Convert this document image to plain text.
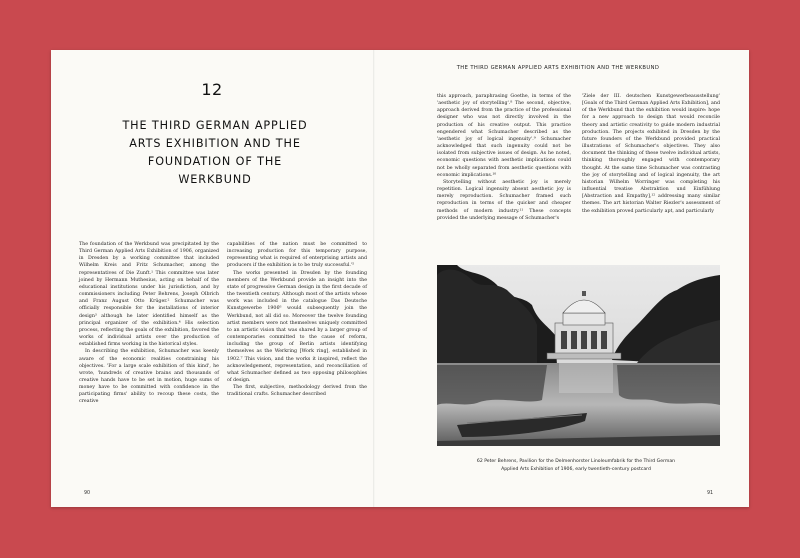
12
THE THIRD GERMAN APPLIED ARTS EXHIBITION AND THE FOUNDATION OF THE WERKBUND

The foundation of the Werkbund was precipitated by the Third German Applied Arts Exhibition of 1906, organized in Dresden by a working committee that included Wilhelm Kreis and Fritz Schumacher, among the representatives of Die Zunft.¹ This committee was later joined by Hermann Muthesius, acting on behalf of the educational institutions under his jurisdiction, and by commissioners including Peter Behrens, Joseph Olbrich and Franz August Otto Krüger.² Schumacher was officially responsible for the installations of interior design³ although he later identified himself as the principal organizer of the exhibition.⁴ His selection process, reflecting the goals of the exhibition, favored the works of individual artists over the production of established firms working in the historical styles.

In describing the exhibition, Schumacher was keenly aware of the economic realities constraining his objectives. 'For a large scale exhibition of this kind', he wrote, 'hundreds of creative brains and thousands of creative hands have to be set in motion, huge sums of money have to be committed with confidence in the participating firms' ability to recoup these costs, the creative

capabilities of the nation must be committed to increasing production for this temporary purpose, representing what is required of enterprising artists and producers if the exhibition is to be truly successful.'⁵

The works presented in Dresden by the founding members of the Werkbund provide an insight into the state of progressive German design in the first decade of the twentieth century. Although most of the artists whose work was included in the catalogue Das Deutsche Kunstgewerbe 1906⁶ would subsequently join the Werkbund, not all did so. Moreover the twelve founding artist members were not themselves uniquely committed to an artistic vision that was shared by a larger group of contemporaries committed to the cause of reform, including the group of Berlin artists identifying themselves as the Werkring [Work ring], established in 1902.⁷ This vision, and the works it inspired, reflect the acknowledgement, representation, and reconciliation of what Schumacher defined as two opposing philosophies of design.

The first, subjective, methodology derived from the traditional crafts. Schumacher described

90
THE THIRD GERMAN APPLIED ARTS EXHIBITION AND THE WERKBUND

this approach, paraphrasing Goethe, in terms of the 'aesthetic joy of storytelling'.⁸ The second, objective, approach derived from the practice of the professional designer who was not directly involved in the production of his creative output. This practice engendered what Schumacher described as the 'aesthetic joy of logical ingenuity'.⁹ Schumacher acknowledged that such ingenuity could not be isolated from subjective issues of design. As he noted, economic questions with aesthetic implications could not be wholly separated from aesthetic questions with economic implications.¹⁰

Storytelling without aesthetic joy is merely repetition. Logical ingenuity absent aesthetic joy is merely reproduction. Schumacher framed such reproduction in terms of the quicker and cheaper methods of modern industry.¹¹ These concepts provided the underlying message of Schumacher's

'Ziele der III. deutschen Kunstgewerbeausstellung' [Goals of the Third German Applied Arts Exhibition], and of the Werkbund that the exhibition would inspire: hope for a new approach to design that would reconcile theory and artistic creativity to guide modern industrial production. The projects exhibited in Dresden by the future founders of the Werkbund provided practical illustrations of Schumacher's objectives. They also document the thinking of these twelve individual artists, thinking thoroughly engaged with contemporary thought. At the same time Schumacher was contrasting the joy of storytelling and of logical ingenuity, the art historian Wilhelm Worringer was completing his influential treatise Abstraktion und Einfühlung [Abstraction and Empathy],¹² addressing many similar themes. The art historian Walter Riezler's assessment of the exhibition proved particularly apt, and particularly

62 Peter Behrens, Pavilion for the Delmenhorster Linoleumfabrik for the Third German
Applied Arts Exhibition of 1906, early twentieth-century postcard
91
